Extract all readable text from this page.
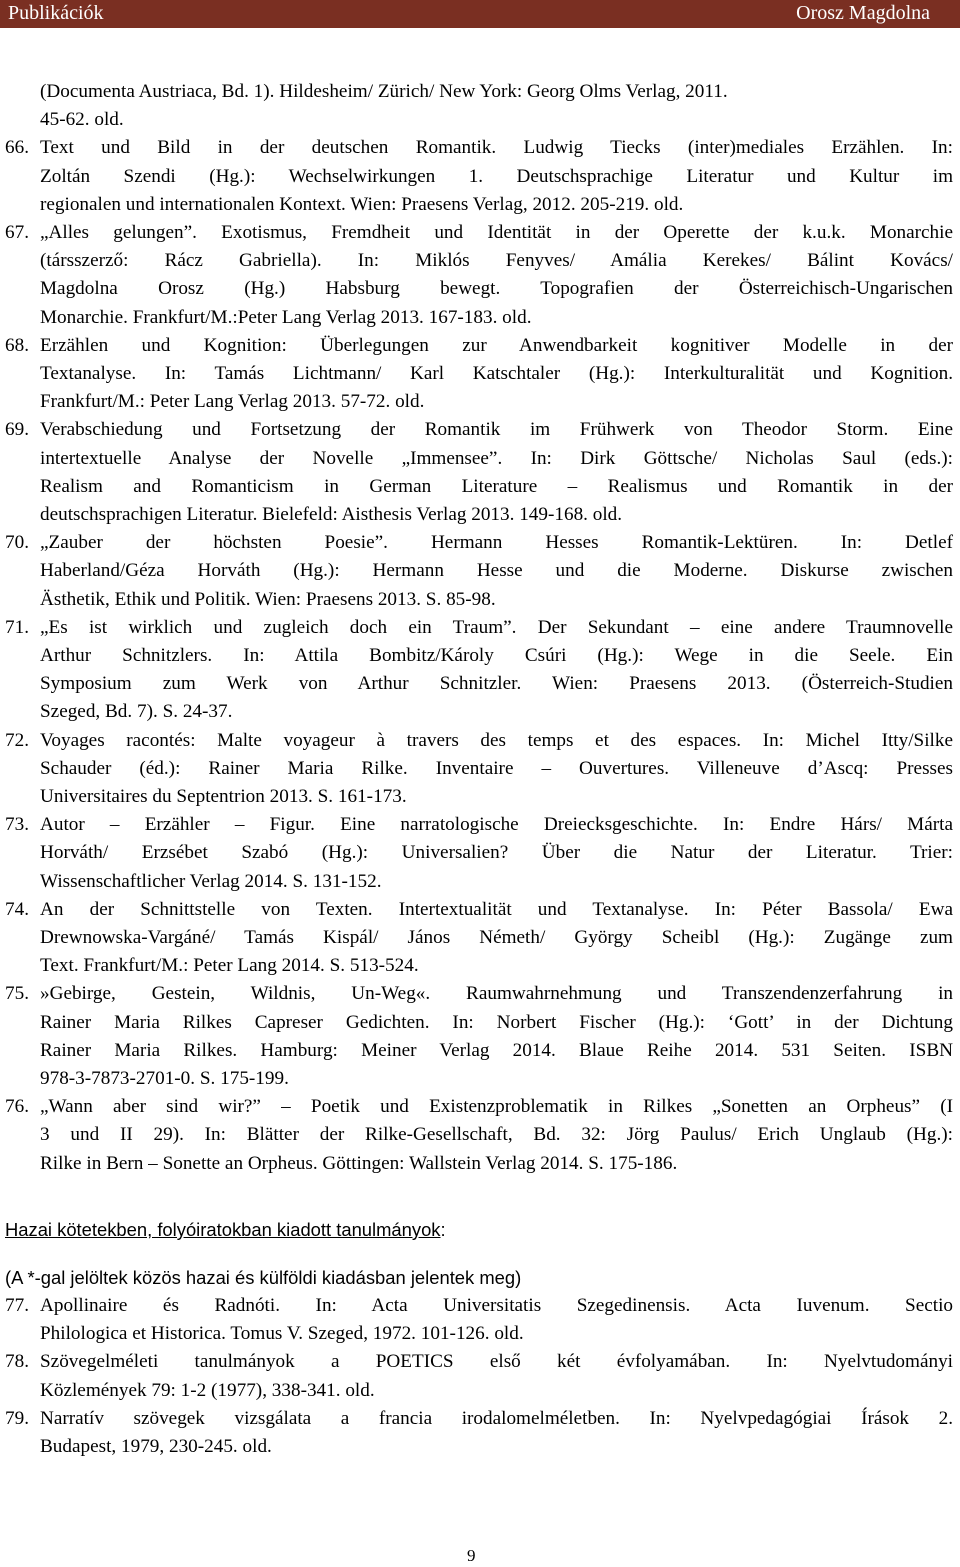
Publikációk	Orosz Magdolna
(Documenta Austriaca, Bd. 1). Hildesheim/ Zürich/ New York: Georg Olms Verlag, 2011.
45-62. old.
66. Text und Bild in der deutschen Romantik. Ludwig Tiecks (inter)mediales Erzählen. In:
Zoltán Szendi (Hg.): Wechselwirkungen 1. Deutschsprachige Literatur und Kultur im
regionalen und internationalen Kontext. Wien: Praesens Verlag, 2012. 205-219. old.
67. „Alles gelungen”. Exotismus, Fremdheit und Identität in der Operette der k.u.k. Monarchie
(társszerző: Rácz Gabriella). In: Miklós Fenyves/ Amália Kerekes/ Bálint Kovács/
Magdolna Orosz (Hg.) Habsburg bewegt. Topografien der Österreichisch-Ungarischen
Monarchie. Frankfurt/M.:Peter Lang Verlag 2013. 167-183. old.
68. Erzählen und Kognition: Überlegungen zur Anwendbarkeit kognitiver Modelle in der
Textanalyse. In: Tamás Lichtmann/ Karl Katschtaler (Hg.): Interkulturalität und Kognition.
Frankfurt/M.: Peter Lang Verlag 2013. 57-72. old.
69. Verabschiedung und Fortsetzung der Romantik im Frühwerk von Theodor Storm. Eine
intertextuelle Analyse der Novelle „Immensee”. In: Dirk Göttsche/ Nicholas Saul (eds.):
Realism and Romanticism in German Literature – Realismus und Romantik in der
deutschsprachigen Literatur. Bielefeld: Aisthesis Verlag 2013. 149-168. old.
70. „Zauber der höchsten Poesie”. Hermann Hesses Romantik-Lektüren. In: Detlef
Haberland/Géza Horváth (Hg.): Hermann Hesse und die Moderne. Diskurse zwischen
Ästhetik, Ethik und Politik. Wien: Praesens 2013. S. 85-98.
71. „Es ist wirklich und zugleich doch ein Traum”. Der Sekundant – eine andere Traumnovelle
Arthur Schnitzlers. In: Attila Bombitz/Károly Csúri (Hg.): Wege in die Seele. Ein
Symposium zum Werk von Arthur Schnitzler. Wien: Praesens 2013. (Österreich-Studien
Szeged, Bd. 7). S. 24-37.
72. Voyages racontés: Malte voyageur à travers des temps et des espaces. In: Michel Itty/Silke
Schauder (éd.): Rainer Maria Rilke. Inventaire – Ouvertures. Villeneuve d’Ascq: Presses
Universitaires du Septentrion 2013. S. 161-173.
73. Autor – Erzähler – Figur. Eine narratologische Dreiecksgeschichte. In: Endre Hárs/ Márta
Horváth/ Erzsébet Szabó (Hg.): Universalien? Über die Natur der Literatur. Trier:
Wissenschaftlicher Verlag 2014. S. 131-152.
74. An der Schnittstelle von Texten. Intertextualität und Textanalyse. In: Péter Bassola/ Ewa
Drewnowska-Vargáné/ Tamás Kispál/ János Németh/ György Scheibl (Hg.): Zugänge zum
Text. Frankfurt/M.: Peter Lang 2014. S. 513-524.
75. »Gebirge, Gestein, Wildnis, Un-Weg«. Raumwahrnehmung und Transzendenzerfahrung in
Rainer Maria Rilkes Capreser Gedichten. In: Norbert Fischer (Hg.): ‘Gott’ in der Dichtung
Rainer Maria Rilkes. Hamburg: Meiner Verlag 2014. Blaue Reihe 2014. 531 Seiten. ISBN
978-3-7873-2701-0. S. 175-199.
76. „Wann aber sind wir?” – Poetik und Existenzproblematik in Rilkes „Sonetten an Orpheus” (I
3 und II 29). In: Blätter der Rilke-Gesellschaft, Bd. 32: Jörg Paulus/ Erich Unglaub (Hg.):
Rilke in Bern – Sonette an Orpheus. Göttingen: Wallstein Verlag 2014. S. 175-186.
Hazai kötetekben, folyóiratokban kiadott tanulmányok:
(A *-gal jelöltek közös hazai és külföldi kiadásban jelentek meg)
77. Apollinaire és Radnóti. In: Acta Universitatis Szegedinensis. Acta Iuvenum. Sectio
Philologica et Historica. Tomus V. Szeged, 1972. 101-126. old.
78. Szövegelméleti tanulmányok a POETICS első két évfolyamában. In: Nyelvtudományi
Közlemények 79: 1-2 (1977), 338-341. old.
79. Narratív szövegek vizsgálata a francia irodalomelméletben. In: Nyelvpedagógiai Írások 2.
Budapest, 1979, 230-245. old.
9
